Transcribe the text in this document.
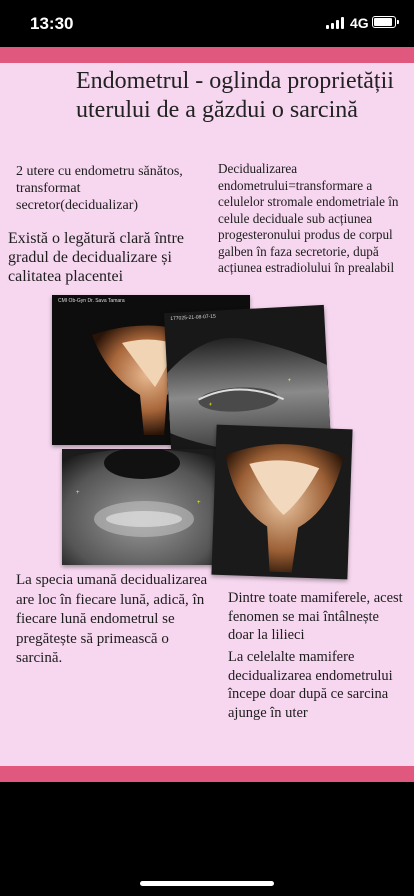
13:30	4G
Endometrul - oglinda proprietății uterului de a găzdui o sarcină
2 utere cu endometru sănătos, transformat secretor(decidualizar)
Decidualizarea endometrului=transformare a celulelor stromale endometriale în celule deciduale sub acțiunea progesteronului produs de corpul galben în faza secretorie, după acțiunea estradiolului în prealabil
Există o legătură clară între gradul de decidualizare și calitatea placentei
CMI Ob-Gyn Dr. Sava Tamara
177025-21-08-07-15
+
+
+
+
La specia umană decidualizarea are loc în fiecare lună, adică, în fiecare lună endometrul se pregătește să primească o sarcină.
Dintre toate mamiferele, acest fenomen se mai întâlnește doar la lilieci
La celelalte mamifere decidualizarea endometrului începe doar după ce sarcina ajunge în uter
